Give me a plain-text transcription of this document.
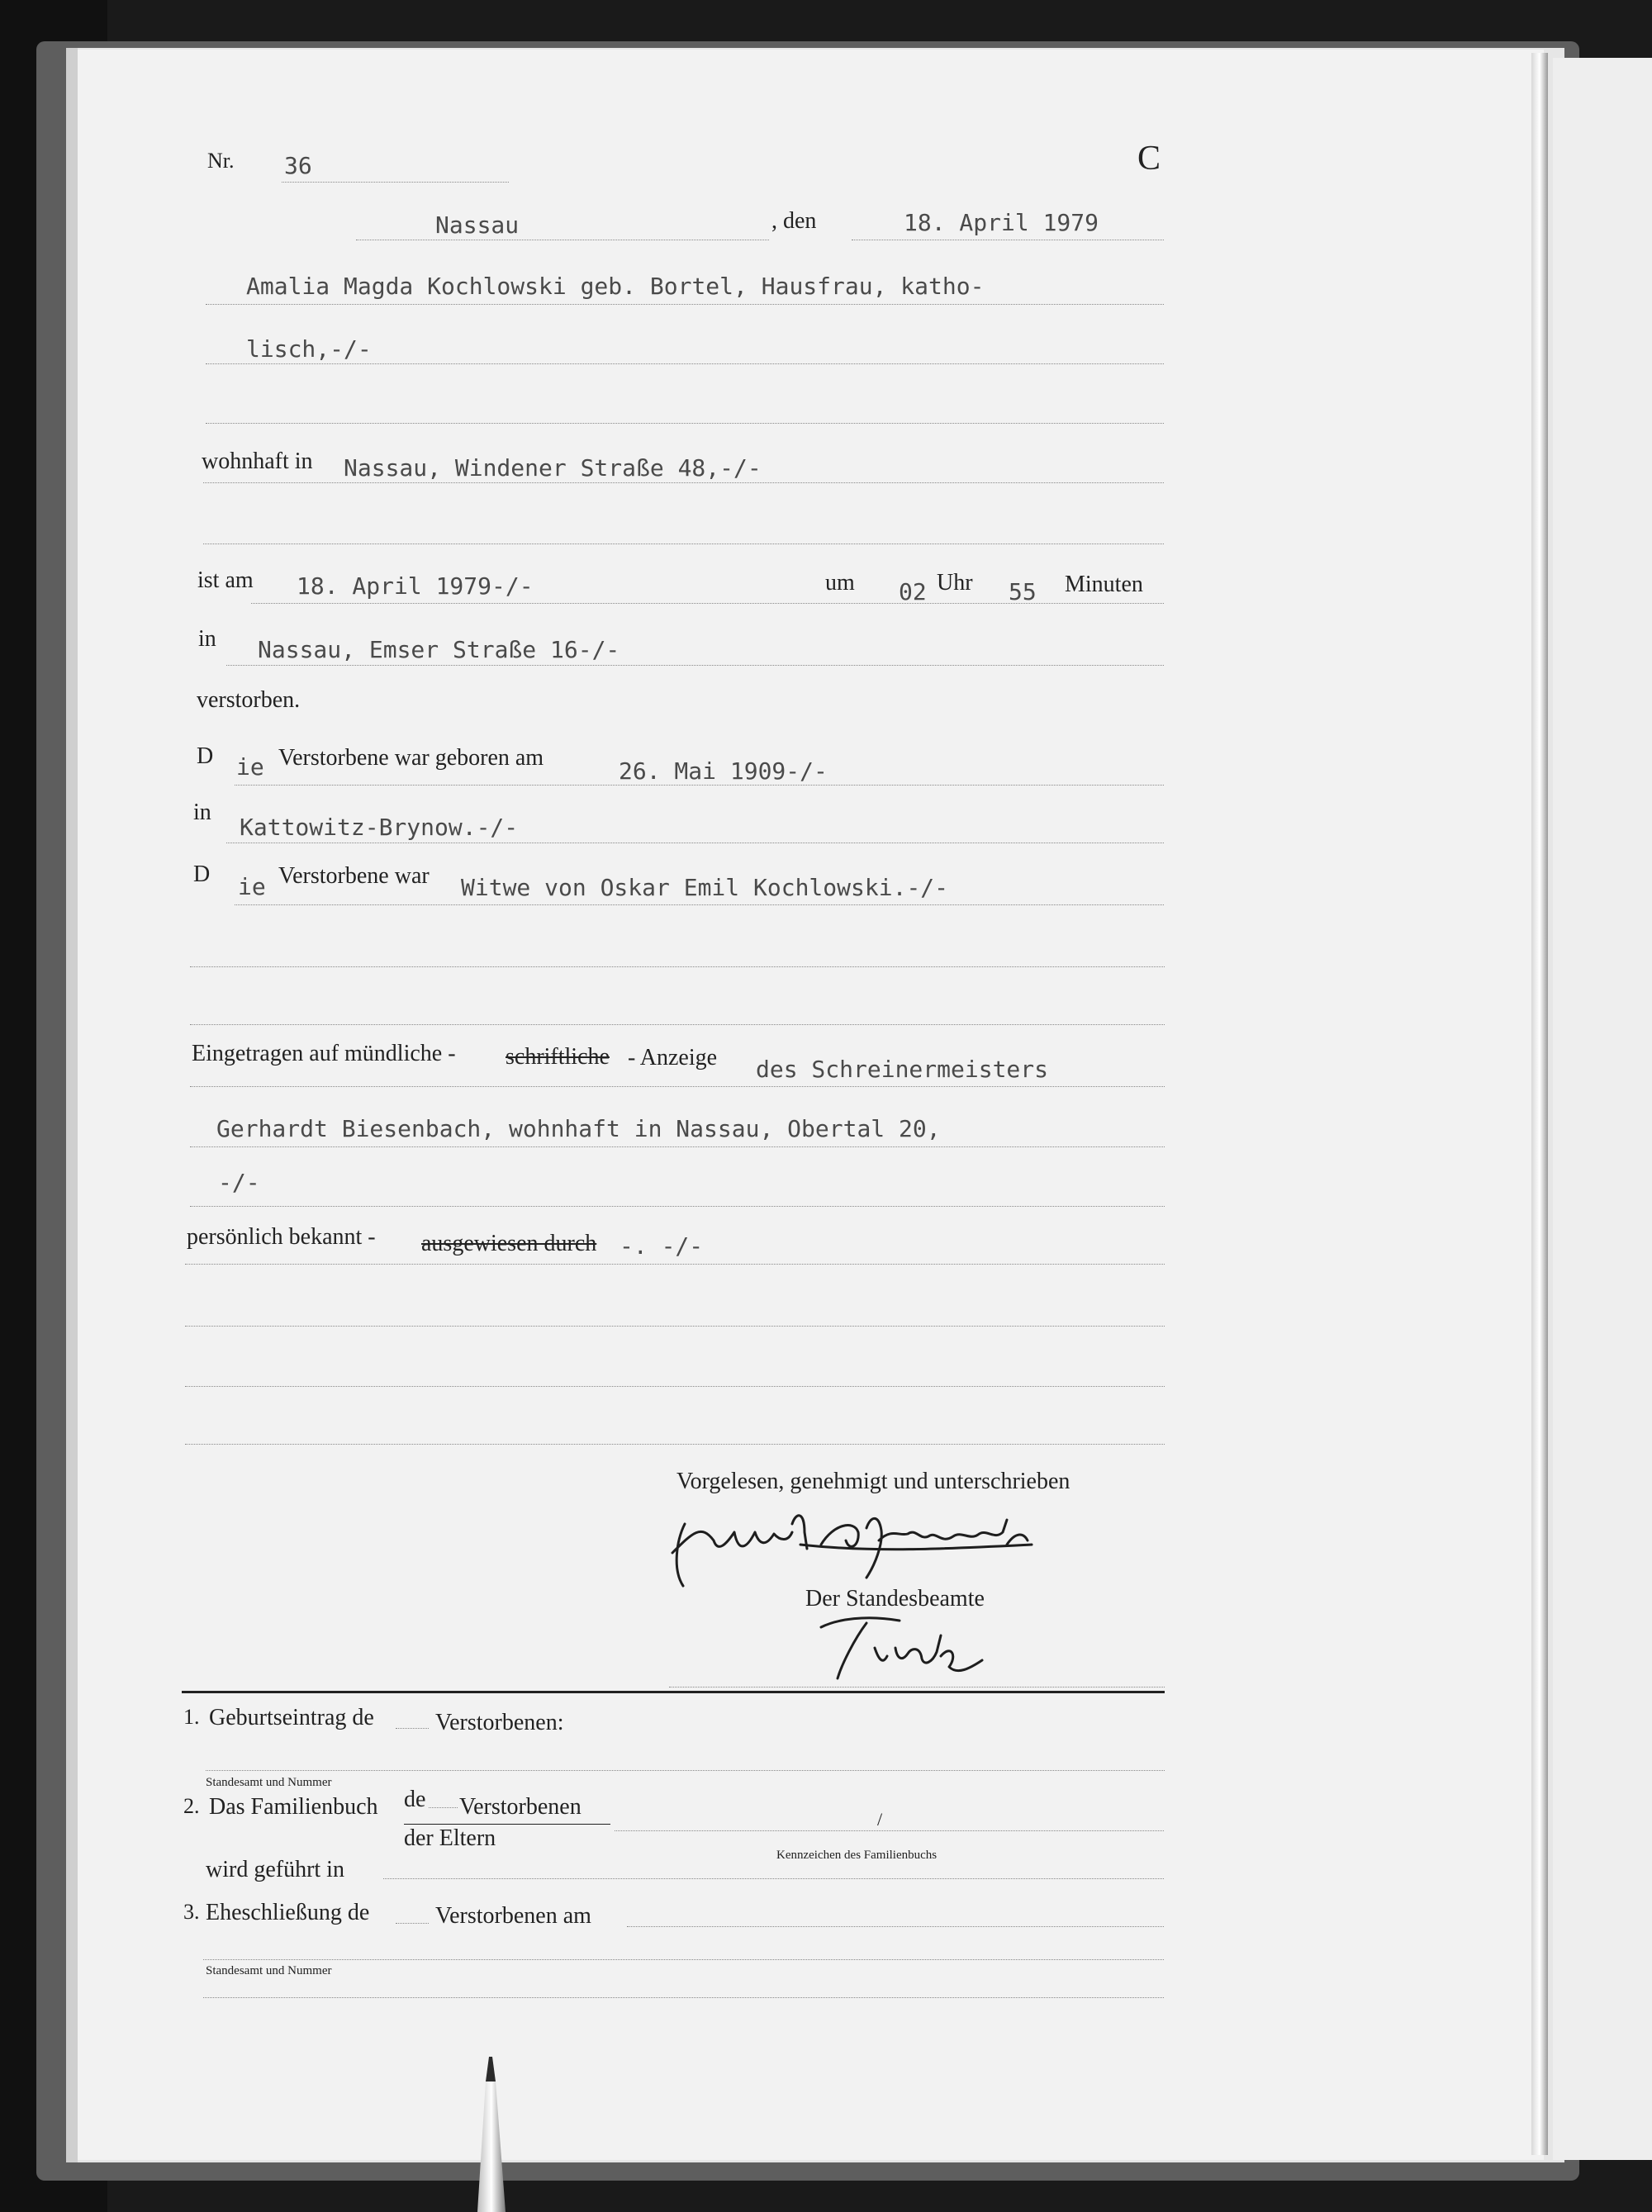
Nr. 36	C
Nassau	, den	18. April 1979
Amalia Magda Kochlowski geb. Bortel, Hausfrau, katho-
lisch,-/-
wohnhaft in Nassau, Windener Straße 48,-/-
ist am 18. April 1979-/-	um 02 Uhr 55 Minuten
in Nassau, Emser Straße 16-/-
verstorben.
D ie Verstorbene war geboren am	26. Mai 1909-/-
in
Kattowitz-Brynow.-/-
D ie Verstorbene war Witwe von Oskar Emil Kochlowski.-/-
Eingetragen auf mündliche - schriftliche - Anzeige des Schreinermeisters
Gerhardt Biesenbach, wohnhaft in Nassau, Obertal 20,
-/-
persönlich bekannt - ausgewiesen durch -. -/-
Vorgelesen, genehmigt und unterschrieben
Der Standesbeamte
1. Geburtseintrag de	Verstorbenen:
Standesamt und Nummer
2. Das Familienbuch de Verstorbenen
der Eltern
/
Kennzeichen des Familienbuchs
wird geführt in
3. Eheschließung de	Verstorbenen am
Standesamt und Nummer
